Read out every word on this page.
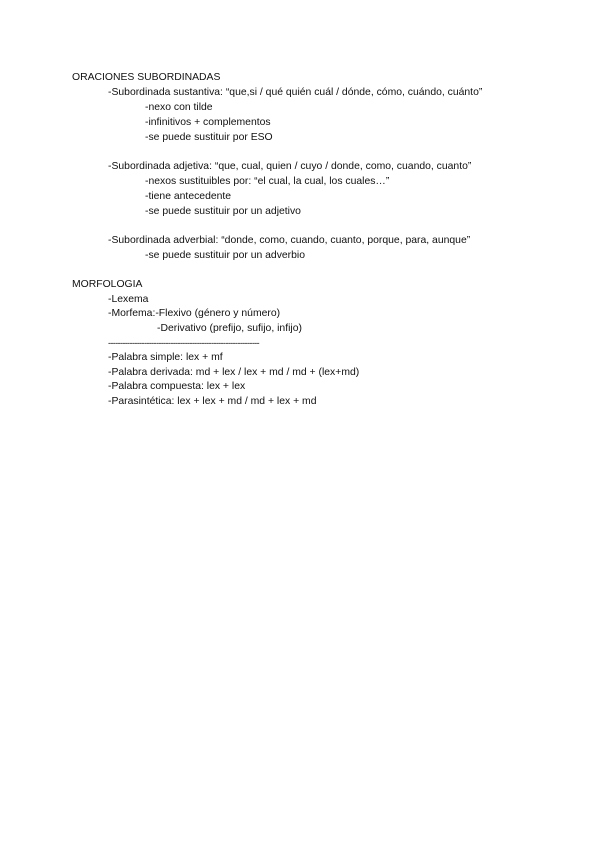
ORACIONES SUBORDINADAS
-Subordinada sustantiva: “que,si / qué quién cuál / dónde, cómo, cuándo, cuánto”
-nexo con tilde
-infinitivos + complementos
-se puede sustituir por ESO
-Subordinada adjetiva: “que, cual, quien / cuyo / donde, como, cuando, cuanto”
-nexos sustituibles por: “el cual, la cual, los cuales…”
-tiene antecedente
-se puede sustituir por un adjetivo
-Subordinada adverbial: “donde, como, cuando, cuanto, porque, para, aunque”
-se puede sustituir por un adverbio
MORFOLOGIA
-Lexema
-Morfema:-Flexivo (género y número)
-Derivativo (prefijo, sufijo, infijo)
---------------------------------------------------------------
-Palabra simple: lex + mf
-Palabra derivada: md + lex / lex + md / md + (lex+md)
-Palabra compuesta: lex + lex
-Parasintética: lex + lex + md / md + lex + md
